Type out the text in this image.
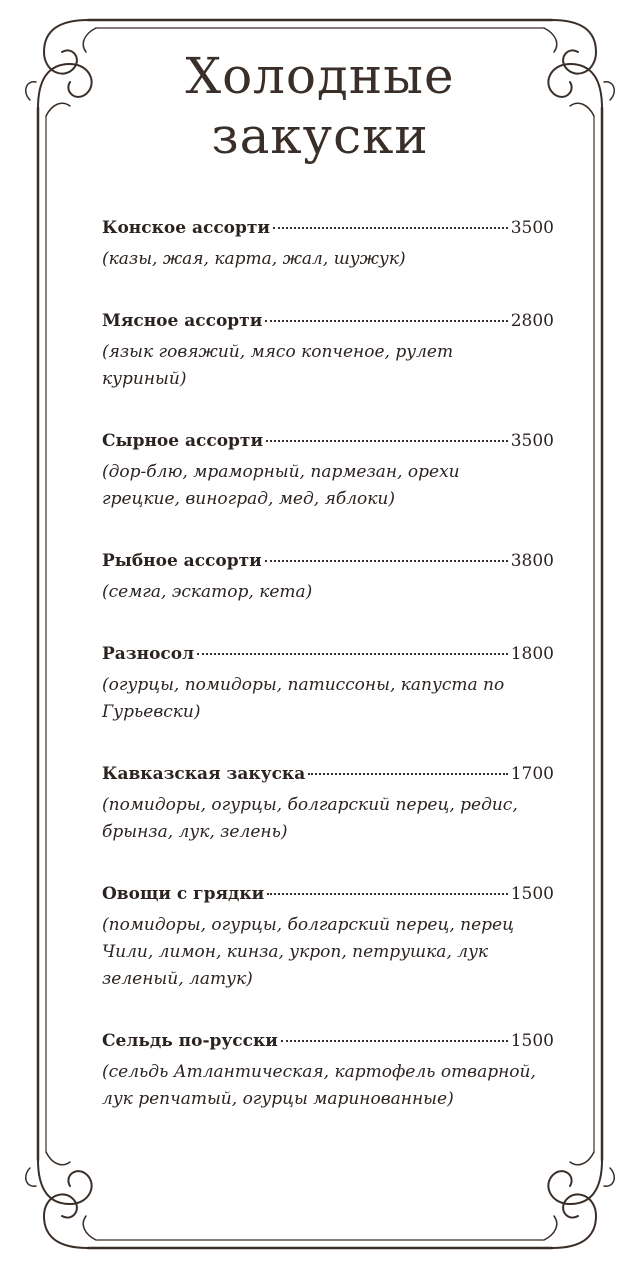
Холодные
закуски
Конское ассорти	3500

(казы, жая, карта, жал, шужук)

Мясное ассорти	2800

(язык говяжий, мясо копченое, рулет куриный)

Сырное ассорти	3500

(дор-блю, мраморный, пармезан, орехи грецкие, виноград, мед, яблоки)

Рыбное ассорти	3800

(семга, эскатор, кета)

Разносол	1800

(огурцы, помидоры, патиссоны, капуста по Гурьевски)

Кавказская закуска	1700

(помидоры, огурцы, болгарский перец, редис, брынза, лук, зелень)

Овощи с грядки	1500

(помидоры, огурцы, болгарский перец, перец Чили, лимон, кинза, укроп, петрушка, лук зеленый, латук)

Сельдь по-русски	1500

(сельдь Атлантическая, картофель отварной, лук репчатый, огурцы маринованные)
